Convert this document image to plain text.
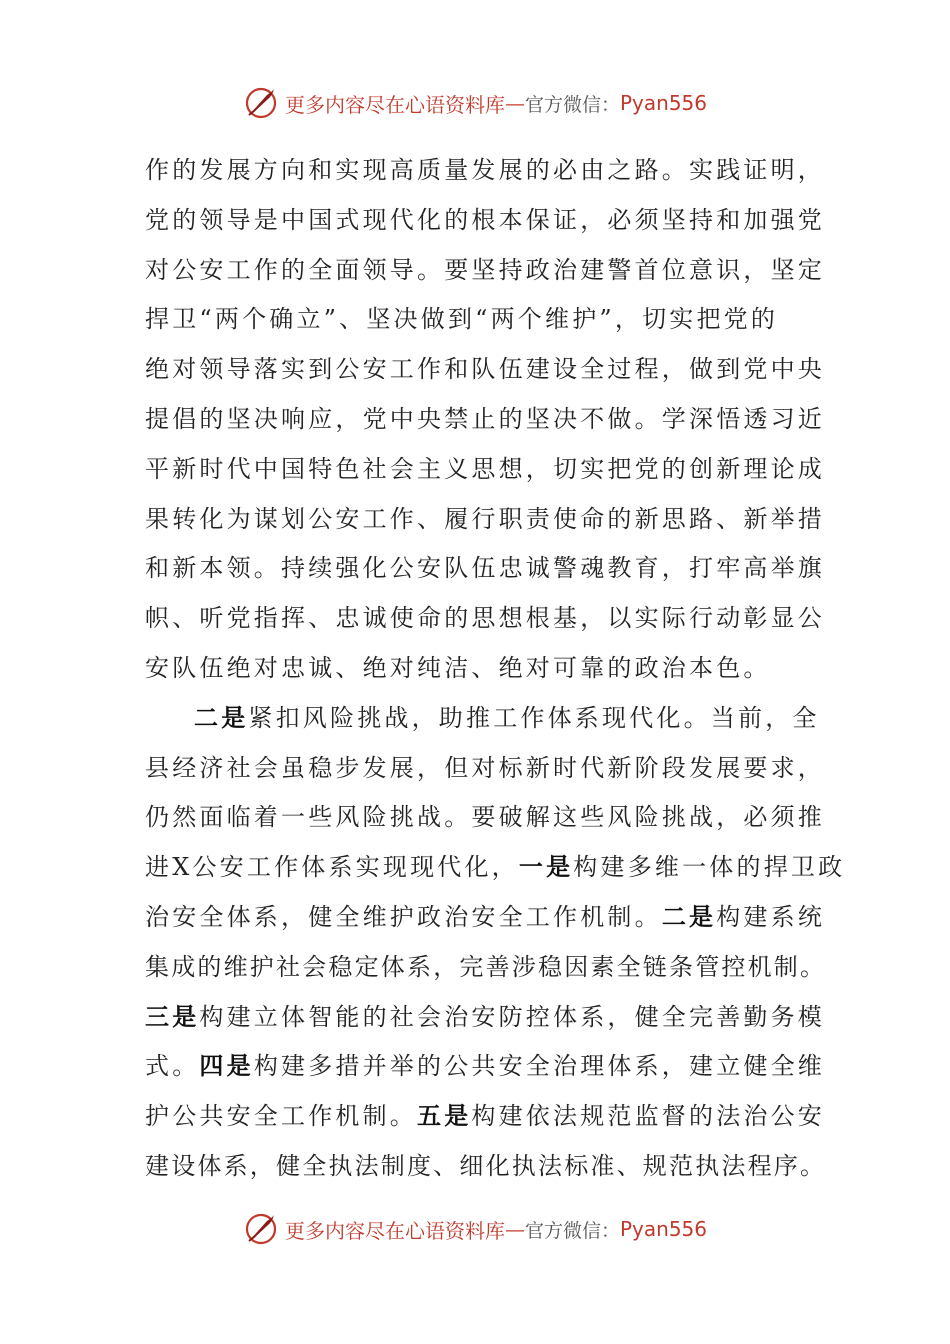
更多内容尽在心语资料库 — 官方微信： Pyan556
作的发展方向和实现高质量发展的必由之路。实践证明，
党的领导是中国式现代化的根本保证，必须坚持和加强党
对公安工作的全面领导。要坚持政治建警首位意识，坚定
捍卫“两个确立”、坚决做到“两个维护”，切实把党的
绝对领导落实到公安工作和队伍建设全过程，做到党中央
提倡的坚决响应，党中央禁止的坚决不做。学深悟透习近
平新时代中国特色社会主义思想，切实把党的创新理论成
果转化为谋划公安工作、履行职责使命的新思路、新举措
和新本领。持续强化公安队伍忠诚警魂教育，打牢高举旗
帜、听党指挥、忠诚使命的思想根基，以实际行动彰显公
安队伍绝对忠诚、绝对纯洁、绝对可靠的政治本色。
二是紧扣风险挑战，助推工作体系现代化。当前，全
县经济社会虽稳步发展，但对标新时代新阶段发展要求，
仍然面临着一些风险挑战。要破解这些风险挑战，必须推
进X公安工作体系实现现代化，一是构建多维一体的捍卫政
治安全体系，健全维护政治安全工作机制。二是构建系统
集成的维护社会稳定体系，完善涉稳因素全链条管控机制。
三是构建立体智能的社会治安防控体系，健全完善勤务模
式。四是构建多措并举的公共安全治理体系，建立健全维
护公共安全工作机制。五是构建依法规范监督的法治公安
建设体系，健全执法制度、细化执法标准、规范执法程序。
更多内容尽在心语资料库 — 官方微信： Pyan556
